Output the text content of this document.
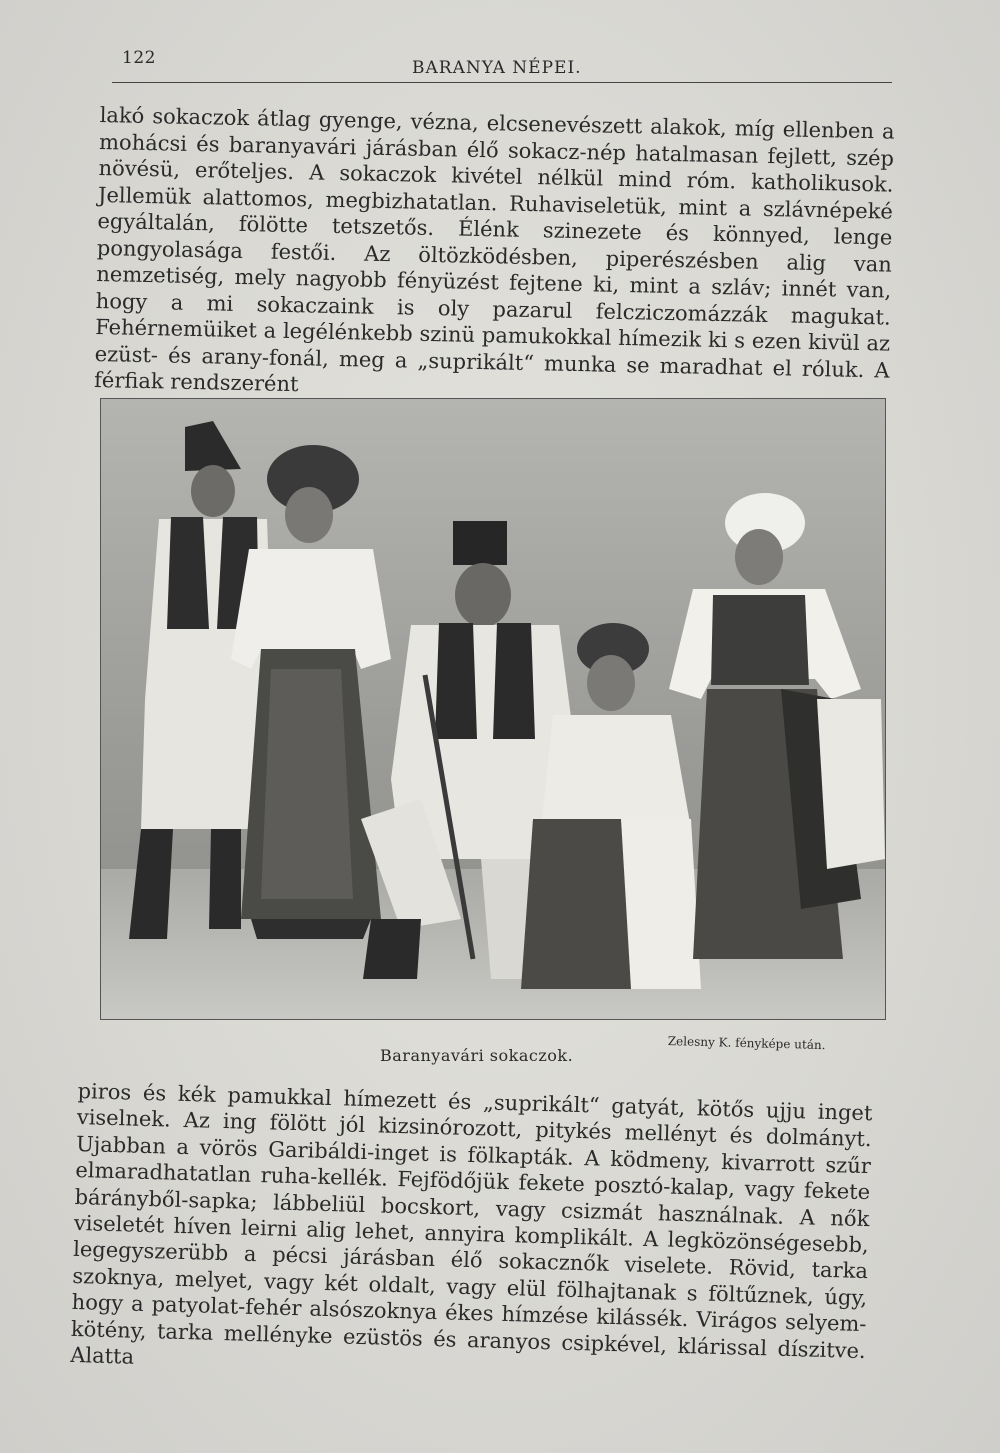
122	BARANYA NÉPEI.

lakó sokaczok átlag gyenge, vézna, elcsenevészett alakok, míg ellenben a mohácsi és baranyavári járásban élő sokacz-nép hatalmasan fejlett, szép növésü, erőteljes. A sokaczok kivétel nélkül mind róm. katholikusok. Jellemük alattomos, megbizhatatlan. Ruhaviseletük, mint a szlávnépeké egyáltalán, fölötte tetszetős. Élénk szinezete és könnyed, lenge pongyolasága festői. Az öltözködésben, piperészésben alig van nemzetiség, mely nagyobb fényüzést fejtene ki, mint a szláv; innét van, hogy a mi sokaczaink is oly pazarul felcziczomázzák magukat. Fehérnemüiket a legélénkebb szinü pamukokkal hímezik ki s ezen kivül az ezüst- és arany-fonál, meg a „suprikált“ munka se maradhat el róluk. A férfiak rendszerént

Baranyavári sokaczok.
Zelesny K. fényképe után.

piros és kék pamukkal hímezett és „suprikált“ gatyát, kötős ujju inget viselnek. Az ing fölött jól kizsinórozott, pitykés mellényt és dolmányt. Ujabban a vörös Garibáldi-inget is fölkapták. A ködmeny, kivarrott szűr elmaradhatatlan ruha-kellék. Fejfödőjük fekete posztó-kalap, vagy fekete bárányből-sapka; lábbeliül bocskort, vagy csizmát használnak. A nők viseletét híven leirni alig lehet, annyira komplikált. A legközönségesebb, legegyszerübb a pécsi járásban élő sokacznők viselete. Rövid, tarka szoknya, melyet, vagy két oldalt, vagy elül fölhajtanak s föltűznek, úgy, hogy a patyolat-fehér alsószoknya ékes hímzése kilássék. Virágos selyem-kötény, tarka mellényke ezüstös és aranyos csipkével, klárissal díszitve. Alatta
